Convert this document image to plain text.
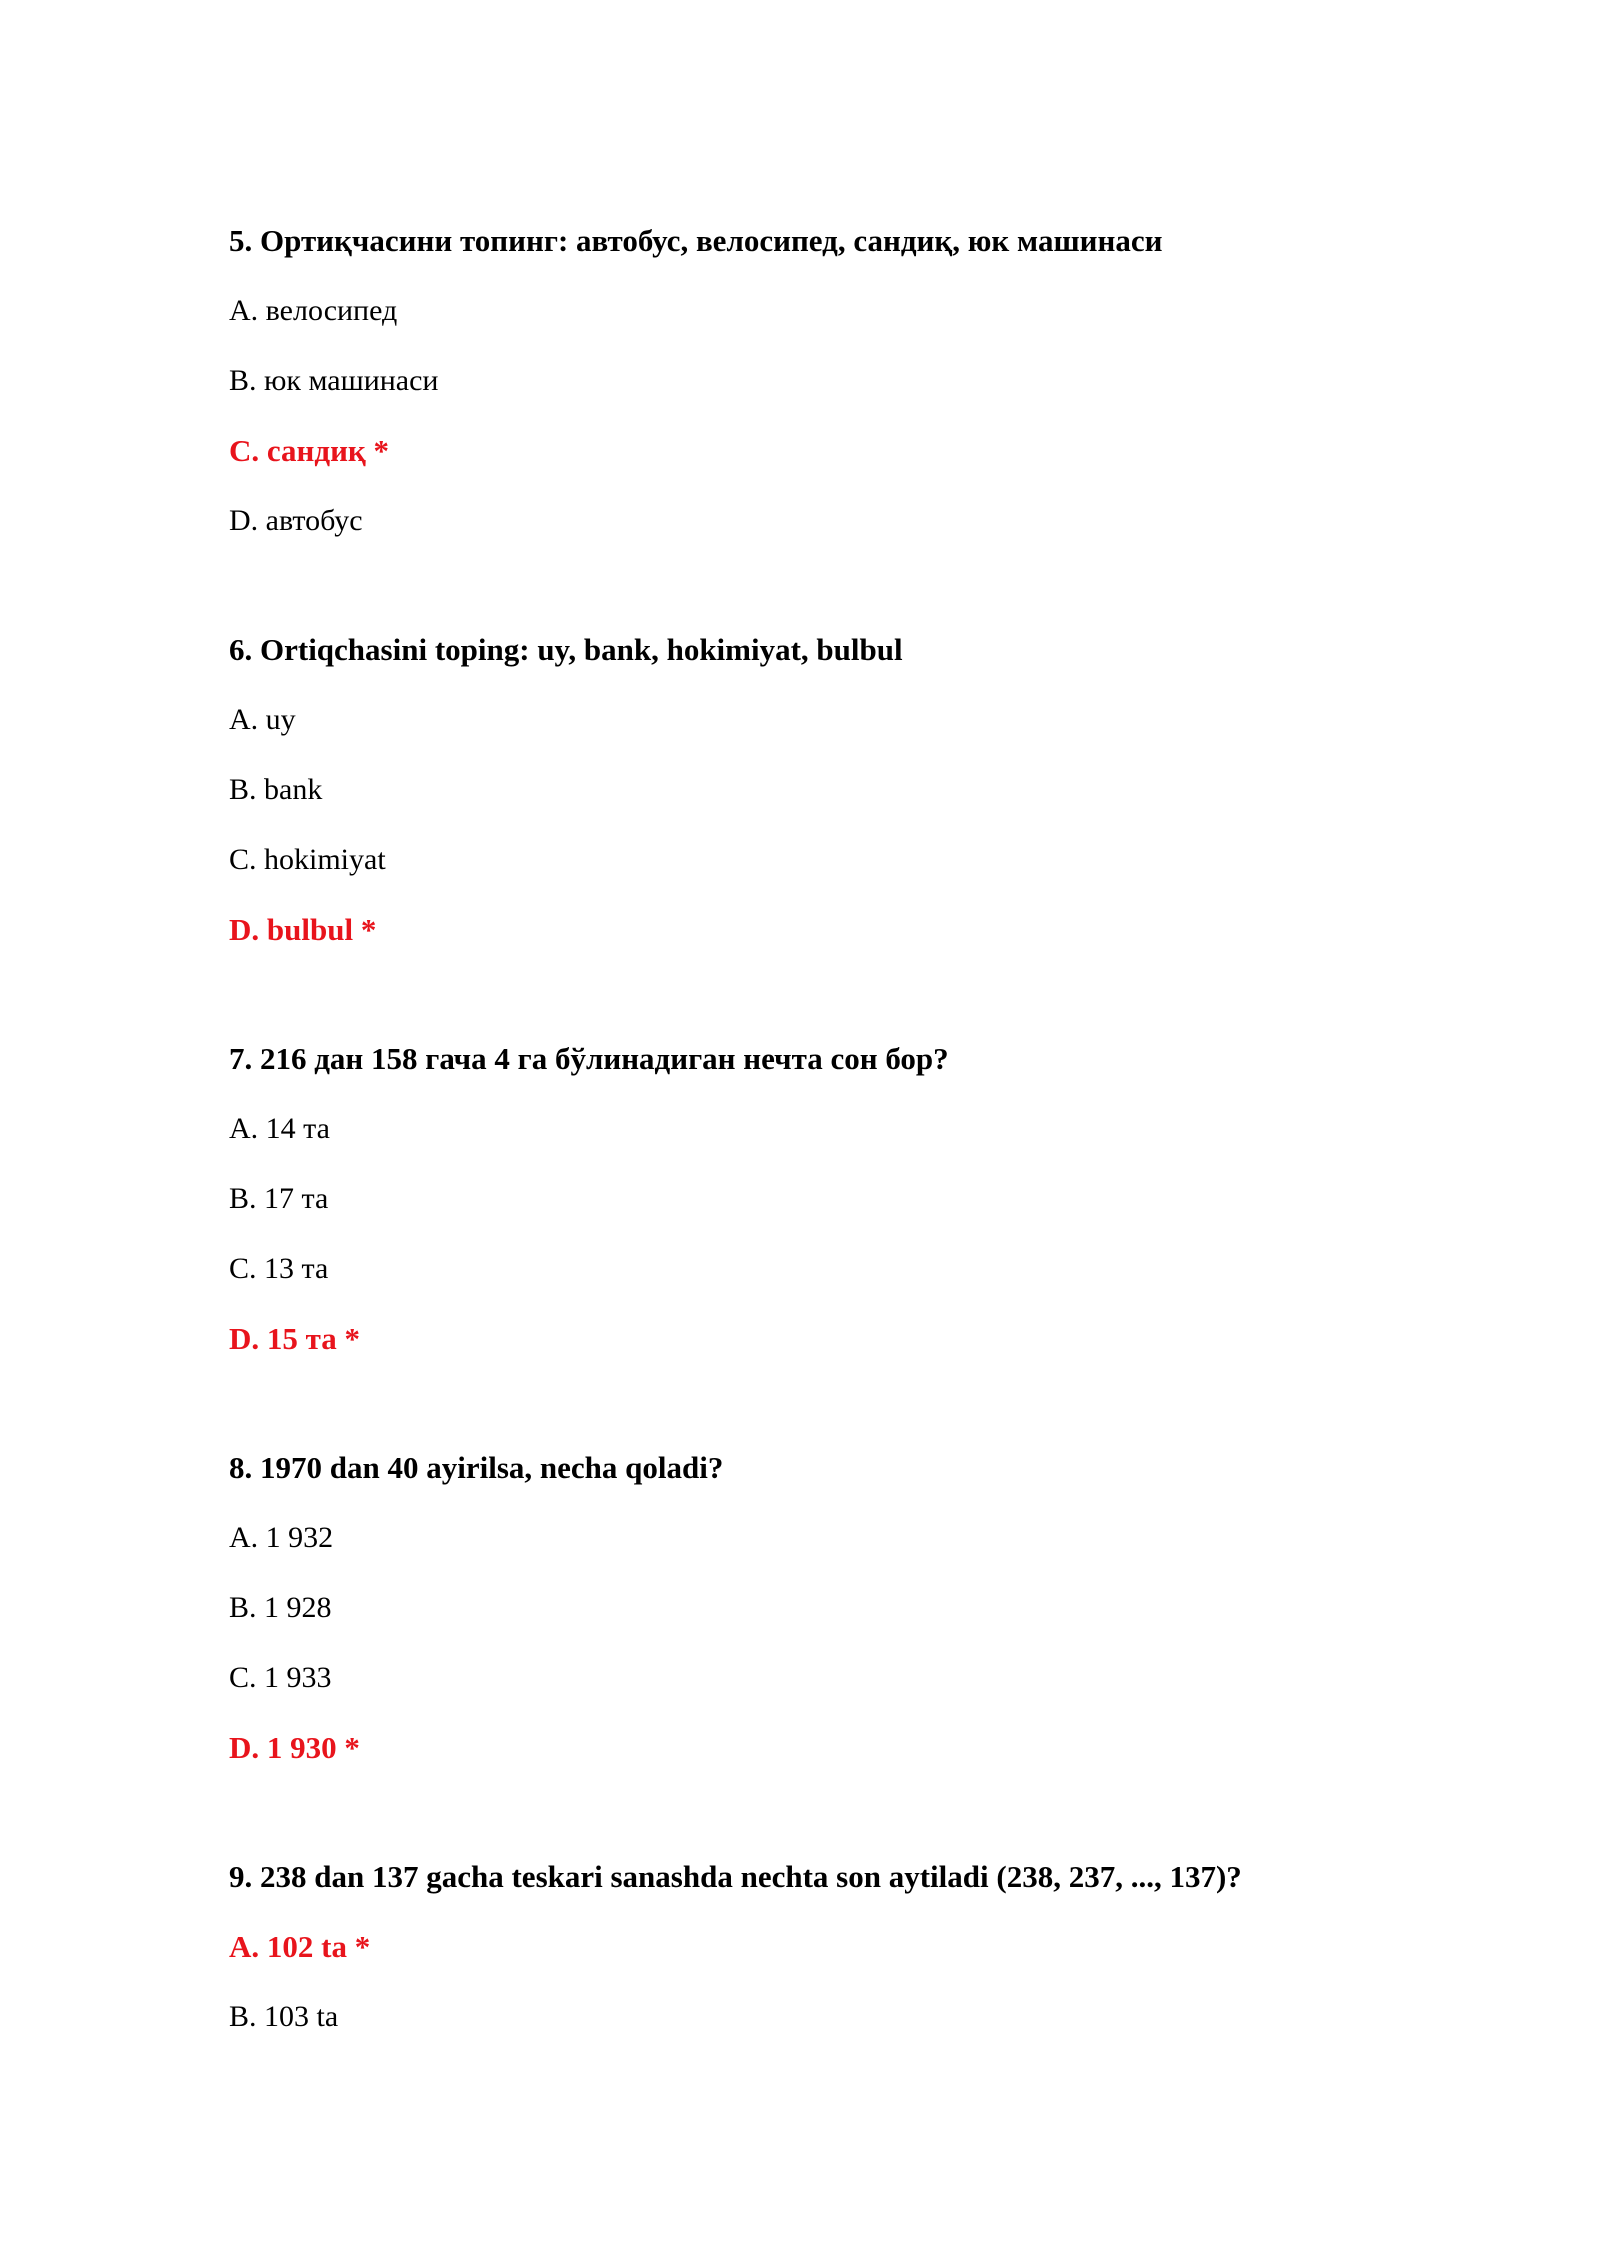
5. Ортиқчасини топинг: автобус, велосипед, сандиқ, юк машинаси
A. велосипед
B. юк машинаси
C. сандиқ *
D. автобус
6. Ortiqchasini toping: uy, bank, hokimiyat, bulbul
A. uy
B. bank
C. hokimiyat
D. bulbul *
7. 216 дан 158 гача 4 га бўлинадиган нечта сон бор?
A. 14 та
B. 17 та
C. 13 та
D. 15 та *
8. 1970 dan 40 ayirilsa, necha qoladi?
A. 1 932
B. 1 928
C. 1 933
D. 1 930 *
9. 238 dan 137 gacha teskari sanashda nechta son aytiladi (238, 237, ..., 137)?
A. 102 ta *
B. 103 ta
